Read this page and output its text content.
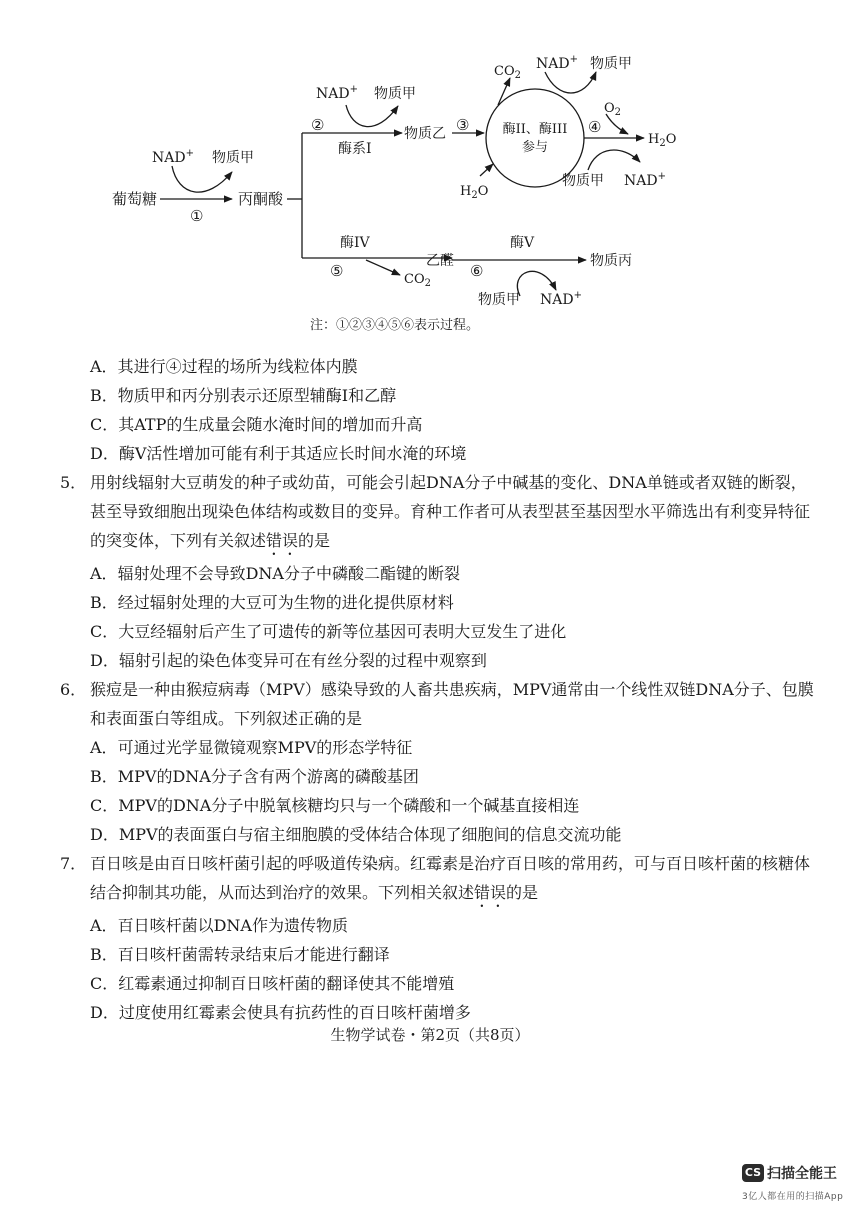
葡萄糖	丙酮酸
NAD+ 物质甲
①
NAD+ 物质甲
②
酶系I
物质乙 ③	酶II、酶III
参与
$CO_2$
NAD+ 物质甲
$O_2$
④
$H_2O$
$H_2O$
物质甲 NAD+
酶IV
⑤	$CO_2$
乙醛
酶V
⑥
物质丙
物质甲 NAD+
注：①②③④⑤⑥表示过程。
A．其进行④过程的场所为线粒体内膜
B．物质甲和丙分别表示还原型辅酶Ⅰ和乙醇
C．其ATP的生成量会随水淹时间的增加而升高
D．酶Ⅴ活性增加可能有利于其适应长时间水淹的环境
5． 用射线辐射大豆萌发的种子或幼苗，可能会引起DNA分子中碱基的变化、DNA单链或者双链的断裂，甚至导致细胞出现染色体结构或数目的变异。育种工作者可从表型甚至基因型水平筛选出有利变异特征的突变体，下列有关叙述错误的是
A．辐射处理不会导致DNA分子中磷酸二酯键的断裂
B．经过辐射处理的大豆可为生物的进化提供原材料
C．大豆经辐射后产生了可遗传的新等位基因可表明大豆发生了进化
D．辐射引起的染色体变异可在有丝分裂的过程中观察到
6． 猴痘是一种由猴痘病毒（MPV）感染导致的人畜共患疾病，MPV通常由一个线性双链DNA分子、包膜和表面蛋白等组成。下列叙述正确的是
A．可通过光学显微镜观察MPV的形态学特征
B．MPV的DNA分子含有两个游离的磷酸基团
C．MPV的DNA分子中脱氧核糖均只与一个磷酸和一个碱基直接相连
D．MPV的表面蛋白与宿主细胞膜的受体结合体现了细胞间的信息交流功能
7． 百日咳是由百日咳杆菌引起的呼吸道传染病。红霉素是治疗百日咳的常用药，可与百日咳杆菌的核糖体结合抑制其功能，从而达到治疗的效果。下列相关叙述错误的是
A．百日咳杆菌以DNA作为遗传物质
B．百日咳杆菌需转录结束后才能进行翻译
C．红霉素通过抑制百日咳杆菌的翻译使其不能增殖
D．过度使用红霉素会使具有抗药性的百日咳杆菌增多
生物学试卷・第2页（共8页）
CS 扫描全能王
3亿人都在用的扫描App
